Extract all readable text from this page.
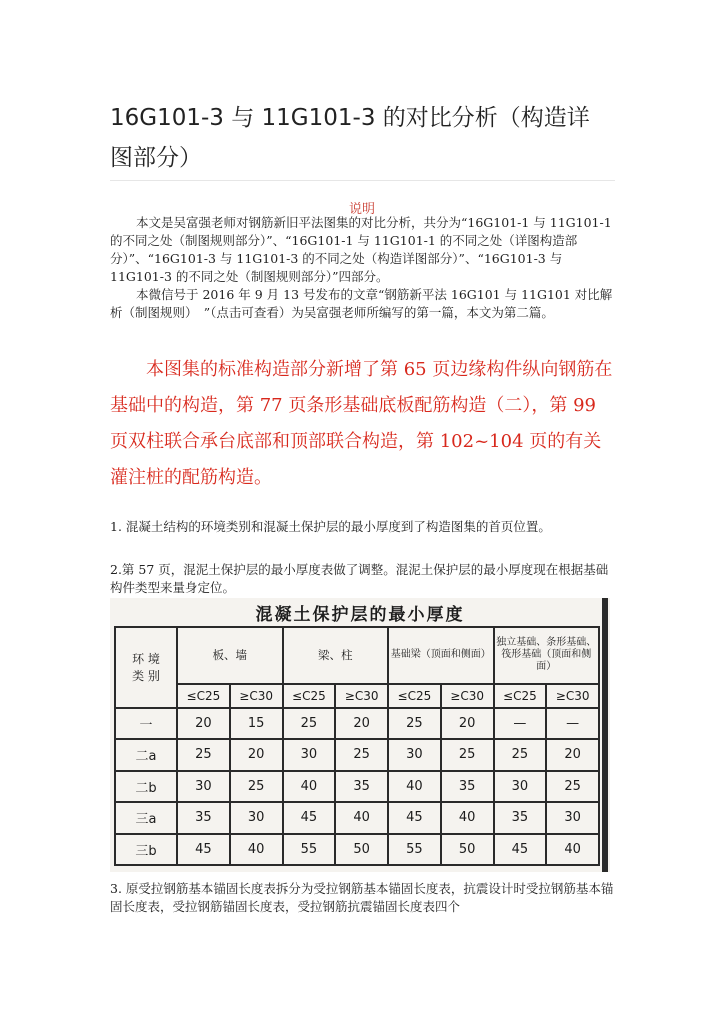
16G101-3 与 11G101-3 的对比分析（构造详图部分）
说明

本文是吴富强老师对钢筋新旧平法图集的对比分析，共分为“16G101-1 与 11G101-1 的不同之处（制图规则部分）”、“16G101-1 与 11G101-1 的不同之处（详图构造部分）”、“16G101-3 与 11G101-3 的不同之处（构造详图部分）”、“16G101-3 与 11G101-3 的不同之处（制图规则部分）”四部分。

本微信号于 2016 年 9 月 13 号发布的文章“钢筋新平法 16G101 与 11G101 对比解析（制图规则）　”（点击可查看）为吴富强老师所编写的第一篇，本文为第二篇。

本图集的标准构造部分新增了第 65 页边缘构件纵向钢筋在基础中的构造，第 77 页条形基础底板配筋构造（二），第 99 页双柱联合承台底部和顶部联合构造，第 102~104 页的有关灌注桩的配筋构造。

1. 混凝土结构的环境类别和混凝土保护层的最小厚度到了构造图集的首页位置。

2.第 57 页，混泥土保护层的最小厚度表做了调整。混泥土保护层的最小厚度现在根据基础构件类型来量身定位。

混凝土保护层的最小厚度
环 境
类 别	板、墙		梁、柱		基础梁（顶面和侧面）		独立基础、条形基础、筏形基础（顶面和侧面）	
	≤C25	≥C30	≤C25	≥C30	≤C25	≥C30	≤C25	≥C30
一	20	15	25	20	25	20	—	—
二a	25	20	30	25	30	25	25	20
二b	30	25	40	35	40	35	30	25
三a	35	30	45	40	45	40	35	30
三b	45	40	55	50	55	50	45	40

3. 原受拉钢筋基本锚固长度表拆分为受拉钢筋基本锚固长度表，抗震设计时受拉钢筋基本锚固长度表，受拉钢筋锚固长度表，受拉钢筋抗震锚固长度表四个
